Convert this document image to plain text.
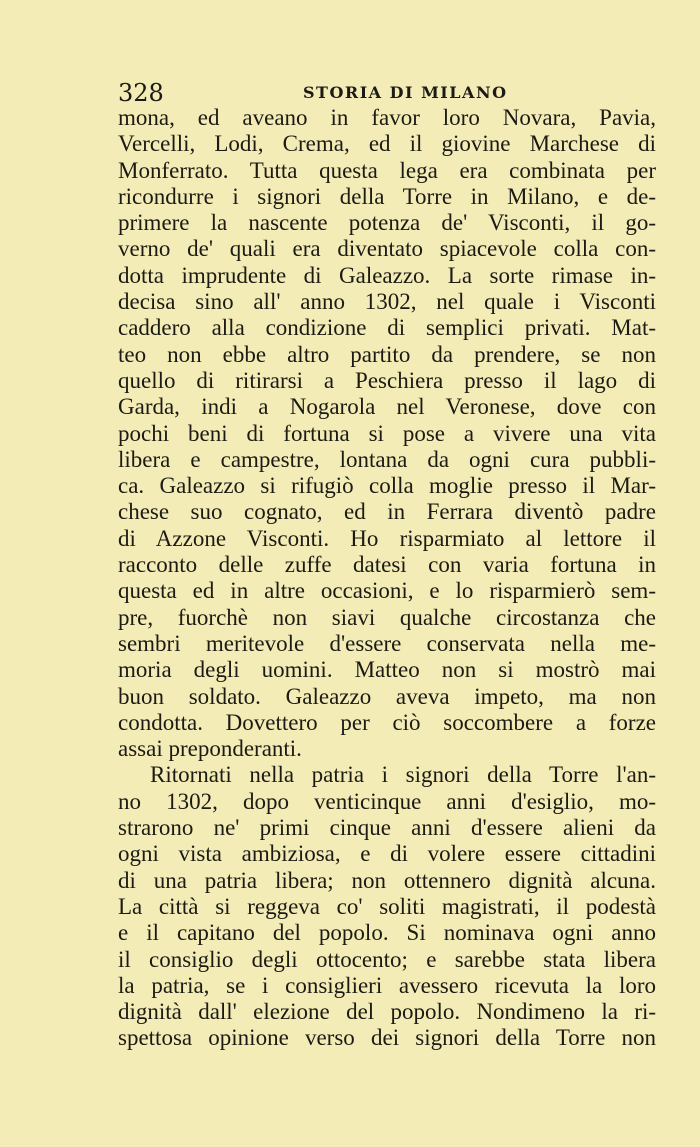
328	STORIA DI MILANO
mona, ed aveano in favor loro Novara, Pavia,
Vercelli, Lodi, Crema, ed il giovine Marchese di
Monferrato. Tutta questa lega era combinata per
ricondurre i signori della Torre in Milano, e de-
primere la nascente potenza de' Visconti, il go-
verno de' quali era diventato spiacevole colla con-
dotta imprudente di Galeazzo. La sorte rimase in-
decisa sino all' anno 1302, nel quale i Visconti
caddero alla condizione di semplici privati. Mat-
teo non ebbe altro partito da prendere, se non
quello di ritirarsi a Peschiera presso il lago di
Garda, indi a Nogarola nel Veronese, dove con
pochi beni di fortuna si pose a vivere una vita
libera e campestre, lontana da ogni cura pubbli-
ca. Galeazzo si rifugiò colla moglie presso il Mar-
chese suo cognato, ed in Ferrara diventò padre
di Azzone Visconti. Ho risparmiato al lettore il
racconto delle zuffe datesi con varia fortuna in
questa ed in altre occasioni, e lo risparmierò sem-
pre, fuorchè non siavi qualche circostanza che
sembri meritevole d'essere conservata nella me-
moria degli uomini. Matteo non si mostrò mai
buon soldato. Galeazzo aveva impeto, ma non
condotta. Dovettero per ciò soccombere a forze
assai preponderanti.
Ritornati nella patria i signori della Torre l'an-
no 1302, dopo venticinque anni d'esiglio, mo-
strarono ne' primi cinque anni d'essere alieni da
ogni vista ambiziosa, e di volere essere cittadini
di una patria libera; non ottennero dignità alcuna.
La città si reggeva co' soliti magistrati, il podestà
e il capitano del popolo. Si nominava ogni anno
il consiglio degli ottocento; e sarebbe stata libera
la patria, se i consiglieri avessero ricevuta la loro
dignità dall' elezione del popolo. Nondimeno la ri-
spettosa opinione verso dei signori della Torre non
